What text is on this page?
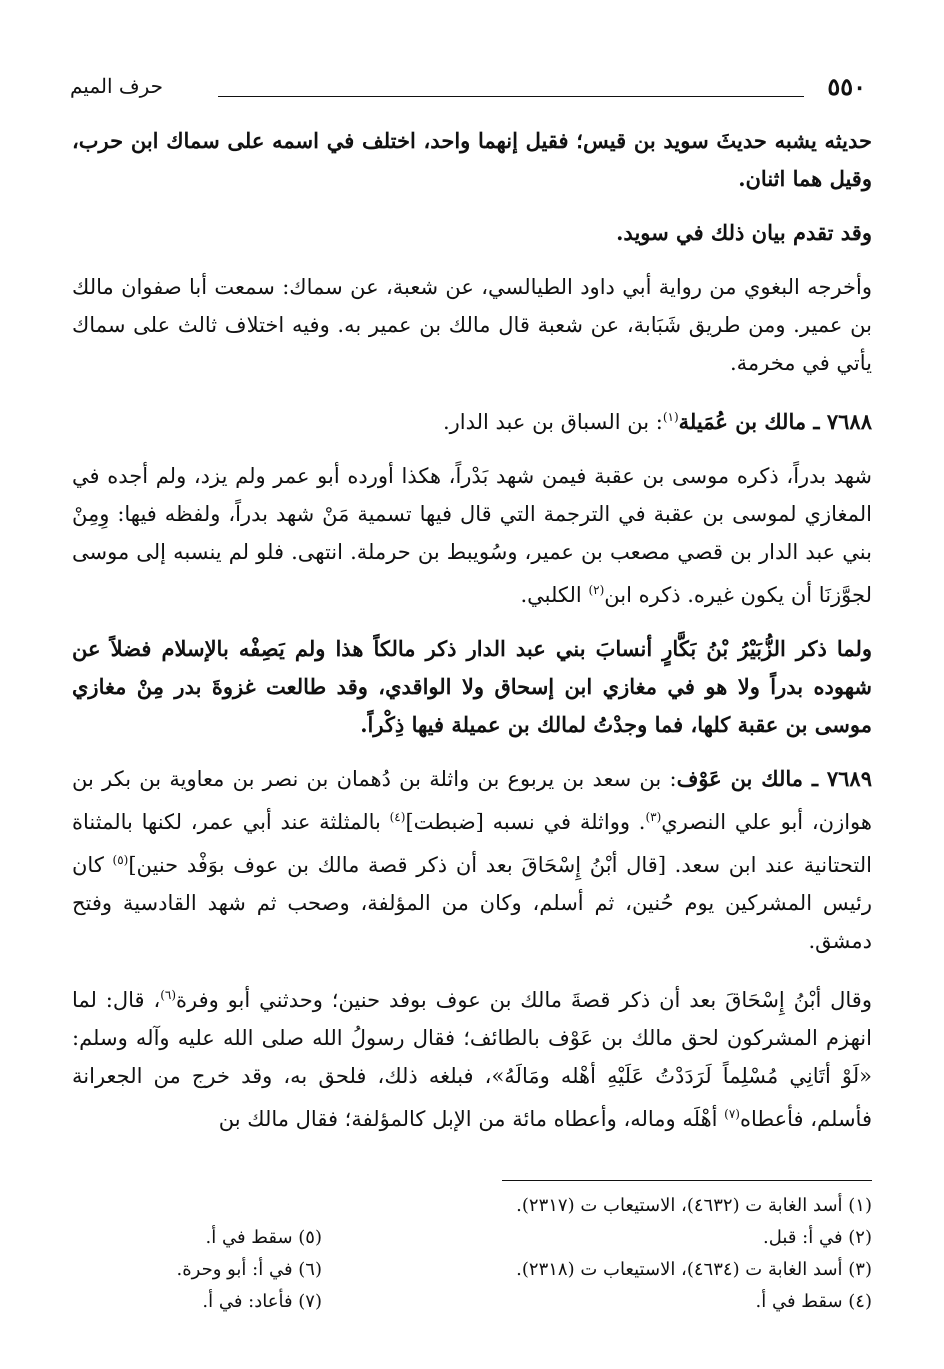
٥٥٠
حرف الميم

حديثه يشبه حديثَ سويد بن قيس؛ فقيل إنهما واحد، اختلف في اسمه على سماك ابن حرب، وقيل هما اثنان.

وقد تقدم بيان ذلك في سويد.

وأخرجه البغوي من رواية أبي داود الطيالسي، عن شعبة، عن سماك: سمعت أبا صفوان مالك بن عمير. ومن طريق شَبَابة، عن شعبة قال مالك بن عمير به. وفيه اختلاف ثالث على سماك يأتي في مخرمة.

٧٦٨٨ ـ مالك بن عُمَيلة$^{(١)}$: بن السباق بن عبد الدار.

شهد بدراً، ذكره موسى بن عقبة فيمن شهد بَدْراً، هكذا أورده أبو عمر ولم يزد، ولم أجده في المغازي لموسى بن عقبة في الترجمة التي قال فيها تسمية مَنْ شهد بدراً، ولفظه فيها: وِمِنْ بني عبد الدار بن قصي مصعب بن عمير، وسُويبط بن حرملة. انتهى. فلو لم ينسبه إلى موسى لجوَّزنَا أن يكون غيره. ذكره ابن$^{(٢)}$ الكلبي.

ولما ذكر الزُّبَيْرُ بْنُ بَكَّارٍ أنسابَ بني عبد الدار ذكر مالكاً هذا ولم يَصِفْه بالإسلام فضلاً عن شهوده بدراً ولا هو في مغازي ابن إسحاق ولا الواقدي، وقد طالعت غزوةَ بدر مِنْ مغازي موسى بن عقبة كلها، فما وجدْتُ لمالك بن عميلة فيها ذِكْراً.

٧٦٨٩ ـ مالك بن عَوْف: بن سعد بن يربوع بن واثلة بن دُهمان بن نصر بن معاوية بن بكر بن هوازن، أبو علي النصري$^{(٣)}$. وواثلة في نسبه [ضبطت]$^{(٤)}$ بالمثلثة عند أبي عمر، لكنها بالمثناة التحتانية عند ابن سعد. [قال أبْنُ إِسْحَاقَ بعد أن ذكر قصة مالك بن عوف بوَفْد حنين]$^{(٥)}$ كان رئيس المشركين يوم حُنين، ثم أسلم، وكان من المؤلفة، وصحب ثم شهد القادسية وفتح دمشق.

وقال أبْنُ إِسْحَاقَ بعد أن ذكر قصةَ مالك بن عوف بوفد حنين؛ وحدثني أبو وفرة$^{(٦)}$، قال: لما انهزم المشركون لحق مالك بن عَوْف بالطائف؛ فقال رسولُ الله صلى الله عليه وآله وسلم: «لَوْ أتَانِي مُسْلِماً لَرَدَدْتُ عَلَيْهِ أهْله ومَالَهُ»، فبلغه ذلك، فلحق به، وقد خرج من الجعرانة فأسلم، فأعطاه$^{(٧)}$ أهْلَه وماله، وأعطاه مائة من الإبل كالمؤلفة؛ فقال مالك بن

(١) أسد الغابة ت (٤٦٣٢)، الاستيعاب ت (٢٣١٧).
(٢) في أ: قبل.
(٣) أسد الغابة ت (٤٦٣٤)، الاستيعاب ت (٢٣١٨).
(٤) سقط في أ.
(٥) سقط في أ.
(٦) في أ: أبو وحرة.
(٧) فأعاد: في أ.
